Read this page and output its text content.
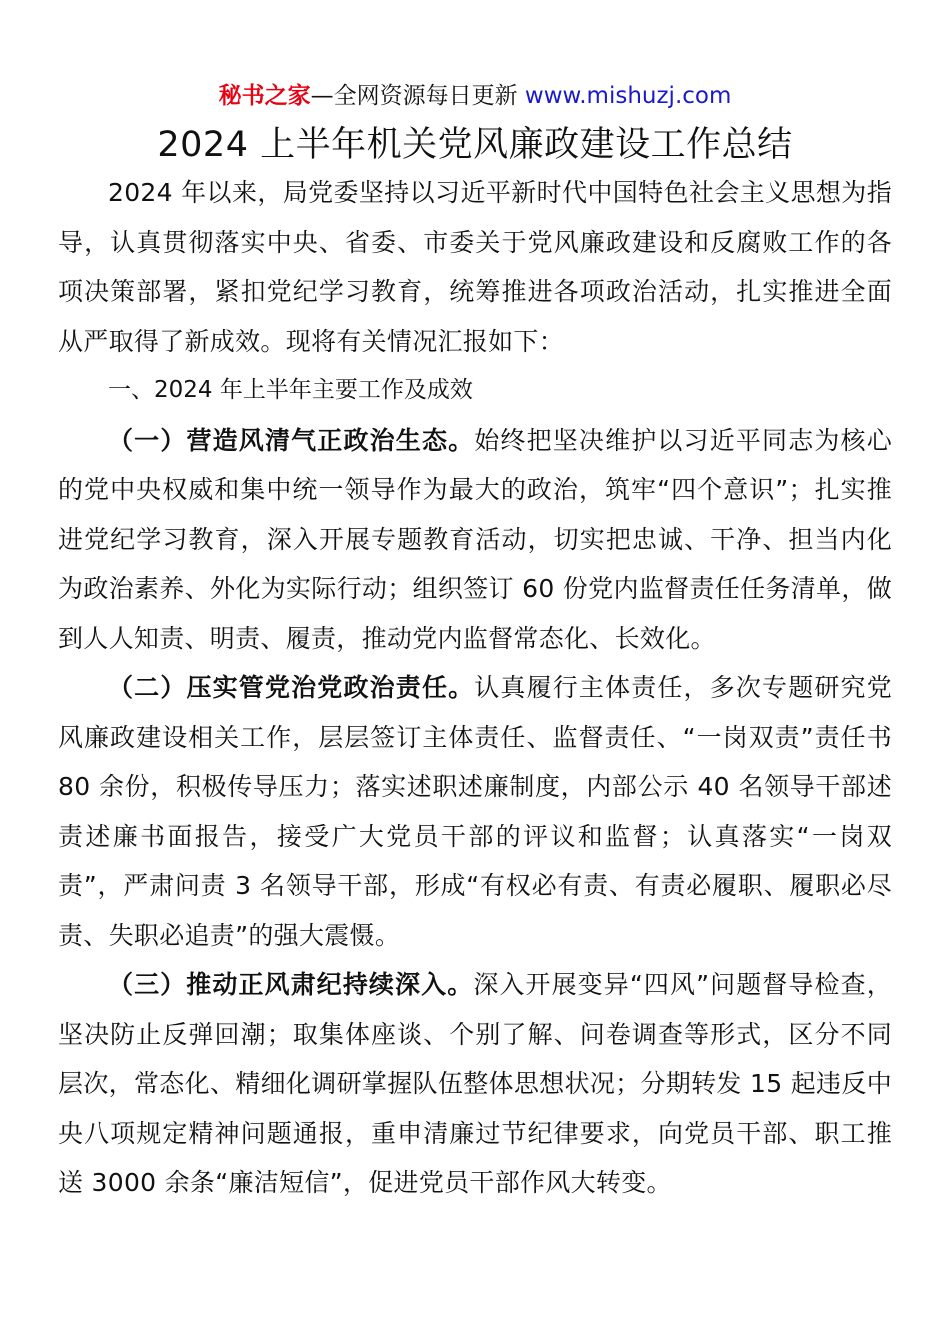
秘书之家—全网资源每日更新 www.mishuzj.com
2024 上半年机关党风廉政建设工作总结

2024 年以来，局党委坚持以习近平新时代中国特色社会主义思想为指导，认真贯彻落实中央、省委、市委关于党风廉政建设和反腐败工作的各项决策部署，紧扣党纪学习教育，统筹推进各项政治活动，扎实推进全面从严取得了新成效。现将有关情况汇报如下：

一、2024 年上半年主要工作及成效

（一）营造风清气正政治生态。始终把坚决维护以习近平同志为核心的党中央权威和集中统一领导作为最大的政治，筑牢“四个意识”；扎实推进党纪学习教育，深入开展专题教育活动，切实把忠诚、干净、担当内化为政治素养、外化为实际行动；组织签订 60 份党内监督责任任务清单，做到人人知责、明责、履责，推动党内监督常态化、长效化。

（二）压实管党治党政治责任。认真履行主体责任，多次专题研究党风廉政建设相关工作，层层签订主体责任、监督责任、“一岗双责”责任书 80 余份，积极传导压力；落实述职述廉制度，内部公示 40 名领导干部述责述廉书面报告，接受广大党员干部的评议和监督；认真落实“一岗双责”，严肃问责 3 名领导干部，形成“有权必有责、有责必履职、履职必尽责、失职必追责”的强大震慑。

（三）推动正风肃纪持续深入。深入开展变异“四风”问题督导检查，坚决防止反弹回潮；取集体座谈、个别了解、问卷调查等形式，区分不同层次，常态化、精细化调研掌握队伍整体思想状况；分期转发 15 起违反中央八项规定精神问题通报，重申清廉过节纪律要求，向党员干部、职工推送 3000 余条“廉洁短信”，促进党员干部作风大转变。
